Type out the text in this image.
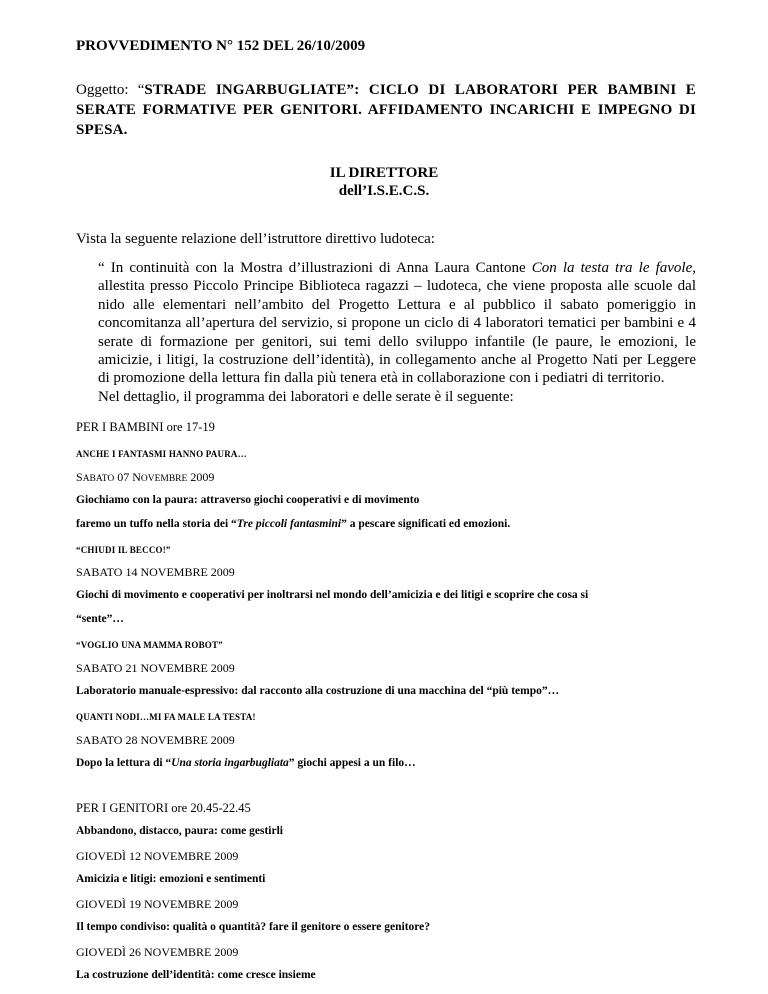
PROVVEDIMENTO N° 152 DEL 26/10/2009
Oggetto: “STRADE INGARBUGLIATE”: CICLO DI LABORATORI PER BAMBINI E SERATE FORMATIVE PER GENITORI. AFFIDAMENTO INCARICHI E IMPEGNO DI SPESA.
IL DIRETTORE
dell’I.S.E.C.S.
Vista la seguente relazione dell’istruttore direttivo ludoteca:

“ In continuità con la Mostra d’illustrazioni di Anna Laura Cantone Con la testa tra le favole, allestita presso Piccolo Principe Biblioteca ragazzi – ludoteca, che viene proposta alle scuole dal nido alle elementari nell’ambito del Progetto Lettura e al pubblico il sabato pomeriggio in concomitanza all’apertura del servizio, si propone un ciclo di 4 laboratori tematici per bambini e 4 serate di formazione per genitori, sui temi dello sviluppo infantile (le paure, le emozioni, le amicizie, i litigi, la costruzione dell’identità), in collegamento anche al Progetto Nati per Leggere di promozione della lettura fin dalla più tenera età in collaborazione con i pediatri di territorio.

Nel dettaglio, il programma dei laboratori e delle serate è il seguente:

PER I BAMBINI ore 17-19
ANCHE I FANTASMI HANNO PAURA…
SABATO 07 NOVEMBRE 2009
Giochiamo con la paura: attraverso giochi cooperativi e di movimento
faremo un tuffo nella storia dei “Tre piccoli fantasmini” a pescare significati ed emozioni.
“CHIUDI IL BECCO!”
SABATO 14 NOVEMBRE 2009
Giochi di movimento e cooperativi per inoltrarsi nel mondo dell’amicizia e dei litigi e scoprire che cosa si
“sente”…
“VOGLIO UNA MAMMA ROBOT”
SABATO 21 NOVEMBRE 2009
Laboratorio manuale-espressivo: dal racconto alla costruzione di una macchina del “più tempo”…
QUANTI NODI…MI FA MALE LA TESTA!
SABATO 28 NOVEMBRE 2009
Dopo la lettura di “Una storia ingarbugliata” giochi appesi a un filo…
PER I GENITORI ore 20.45-22.45
Abbandono, distacco, paura: come gestirli
GIOVEDÌ 12 NOVEMBRE 2009
Amicizia e litigi: emozioni e sentimenti
GIOVEDÌ 19 NOVEMBRE 2009
Il tempo condiviso: qualità o quantità? fare il genitore o essere genitore?
GIOVEDÌ 26 NOVEMBRE 2009
La costruzione dell’identità: come cresce insieme
